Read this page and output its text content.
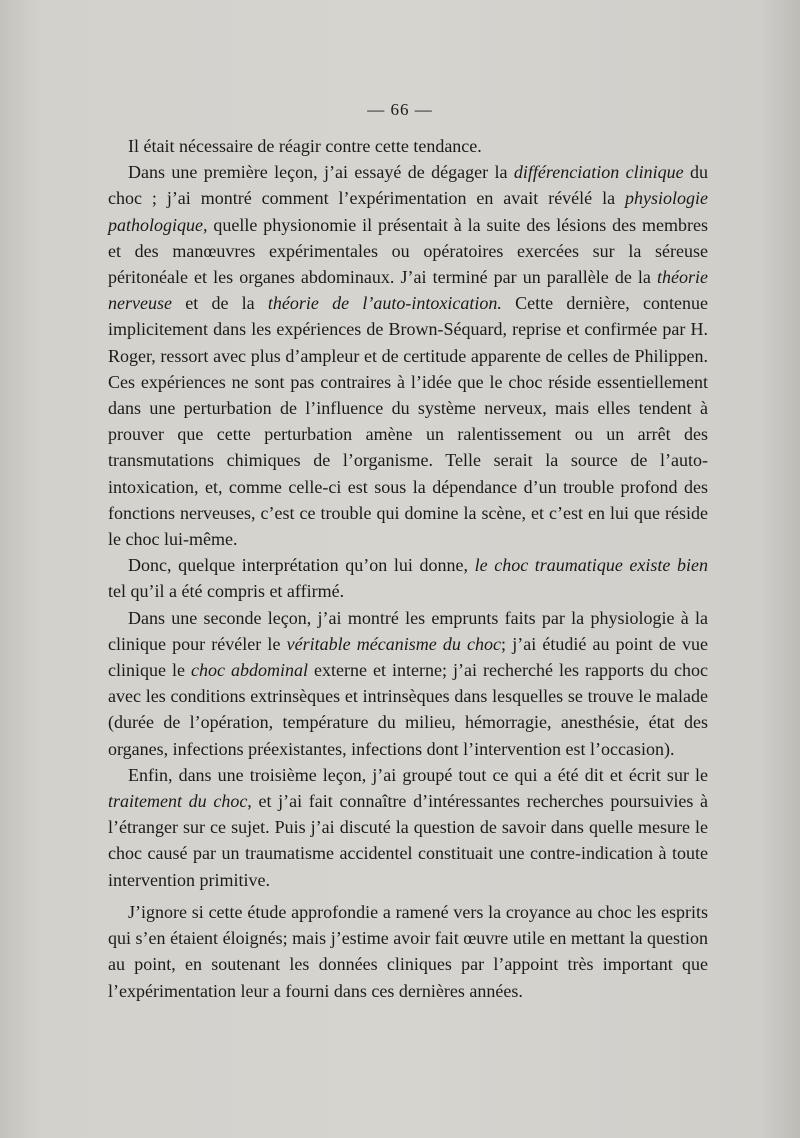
— 66 —

Il était nécessaire de réagir contre cette tendance.

Dans une première leçon, j’ai essayé de dégager la différenciation clinique du choc ; j’ai montré comment l’expérimentation en avait révélé la physiologie pathologique, quelle physionomie il présentait à la suite des lésions des membres et des manœuvres expérimentales ou opératoires exercées sur la séreuse péritonéale et les organes abdominaux. J’ai terminé par un parallèle de la théorie nerveuse et de la théorie de l’auto-intoxication. Cette dernière, contenue implicitement dans les expériences de Brown-Séquard, reprise et confirmée par H. Roger, ressort avec plus d’ampleur et de certitude apparente de celles de Philippen. Ces expériences ne sont pas contraires à l’idée que le choc réside essentiellement dans une perturbation de l’influence du système nerveux, mais elles tendent à prouver que cette perturbation amène un ralentissement ou un arrêt des transmutations chimiques de l’organisme. Telle serait la source de l’auto-intoxication, et, comme celle-ci est sous la dépendance d’un trouble profond des fonctions nerveuses, c’est ce trouble qui domine la scène, et c’est en lui que réside le choc lui-même.

Donc, quelque interprétation qu’on lui donne, le choc traumatique existe bien tel qu’il a été compris et affirmé.

Dans une seconde leçon, j’ai montré les emprunts faits par la physiologie à la clinique pour révéler le véritable mécanisme du choc; j’ai étudié au point de vue clinique le choc abdominal externe et interne; j’ai recherché les rapports du choc avec les conditions extrinsèques et intrinsèques dans lesquelles se trouve le malade (durée de l’opération, température du milieu, hémorragie, anesthésie, état des organes, infections préexistantes, infections dont l’intervention est l’occasion).

Enfin, dans une troisième leçon, j’ai groupé tout ce qui a été dit et écrit sur le traitement du choc, et j’ai fait connaître d’intéressantes recherches poursuivies à l’étranger sur ce sujet. Puis j’ai discuté la question de savoir dans quelle mesure le choc causé par un traumatisme accidentel constituait une contre-indication à toute intervention primitive.

J’ignore si cette étude approfondie a ramené vers la croyance au choc les esprits qui s’en étaient éloignés; mais j’estime avoir fait œuvre utile en mettant la question au point, en soutenant les données cliniques par l’appoint très important que l’expérimentation leur a fourni dans ces dernières années.
